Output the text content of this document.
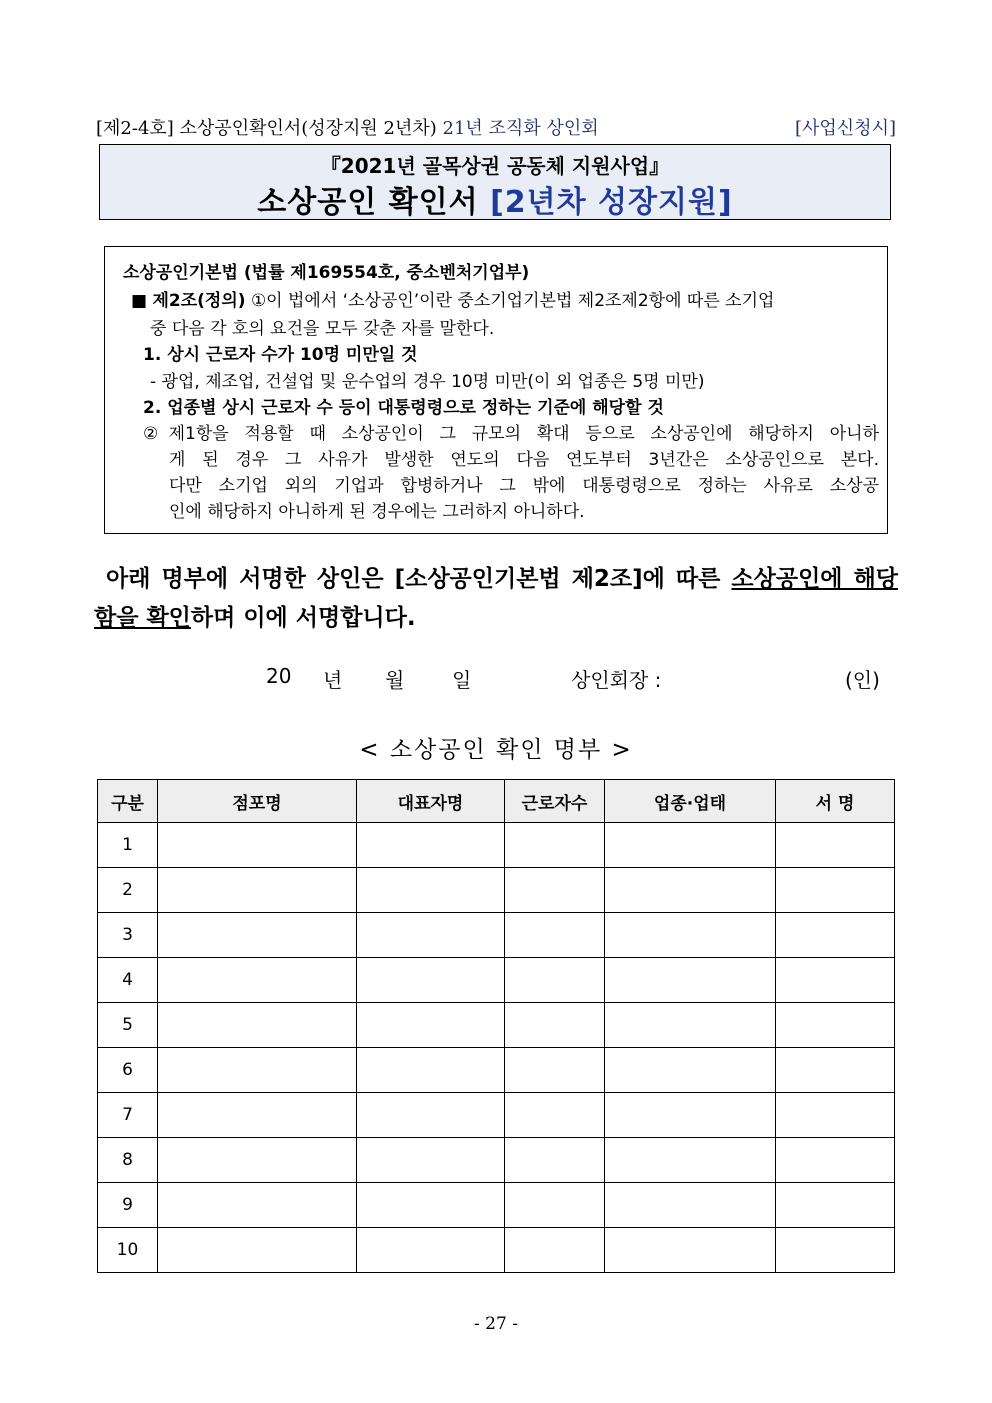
[제2-4호] 소상공인확인서(성장지원 2년차) 21년 조직화 상인회	[사업신청시]
『2021년 골목상권 공동체 지원사업』
소상공인 확인서 [2년차 성장지원]
소상공인기본법 (법률 제169554호, 중소벤처기업부)
■ 제2조(정의) ①이 법에서 ‘소상공인’이란 중소기업기본법 제2조제2항에 따른 소기업
중 다음 각 호의 요건을 모두 갖춘 자를 말한다.
1. 상시 근로자 수가 10명 미만일 것
- 광업, 제조업, 건설업 및 운수업의 경우 10명 미만(이 외 업종은 5명 미만)
2. 업종별 상시 근로자 수 등이 대통령령으로 정하는 기준에 해당할 것
②제1항을 적용할 때 소상공인이 그 규모의 확대 등으로 소상공인에 해당하지 아니하
게 된 경우 그 사유가 발생한 연도의 다음 연도부터 3년간은 소상공인으로 본다.
다만 소기업 외의 기업과 합병하거나 그 밖에 대통령령으로 정하는 사유로 소상공
인에 해당하지 아니하게 된 경우에는 그러하지 아니하다.
아래 명부에 서명한 상인은 [소상공인기본법 제2조]에 따른 소상공인에 해당
함을 확인하며 이에 서명합니다.
20 년 월 일	상인회장 :	(인)
< 소상공인 확인 명부 >
구분	점포명	대표자명	근로자수	업종·업태	서 명
1					
2					
3					
4					
5					
6					
7					
8					
9					
10					
- 27 -
